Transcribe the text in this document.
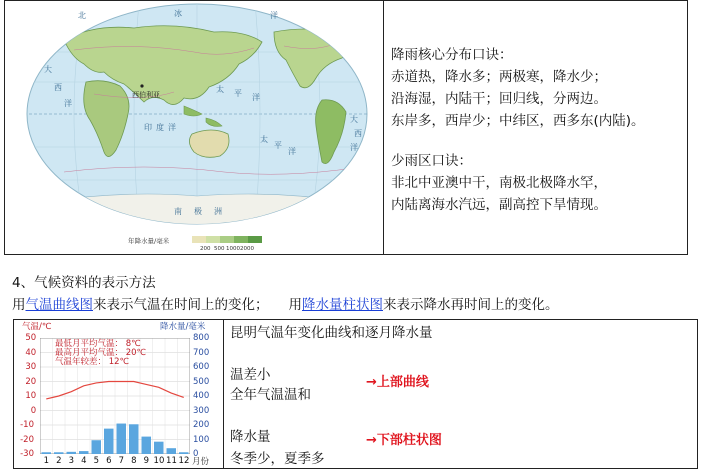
北	冰	洋
大
西
洋
太 平 洋
印 度 洋
太
平
洋
大
西
洋
南 极 洲
西伯利亚
年降水量/毫米
200 500 1000 2000
降雨核心分布口诀：
赤道热，降水多；两极寒，降水少；
沿海湿，内陆干；回归线，分两边。
东岸多，西岸少；中纬区，西多东(内陆)。
少雨区口诀：
非北中亚澳中干，南极北极降水罕，
内陆离海水汽远，副高控下旱情现。
4、气候资料的表示方法
用气温曲线图来表示气温在时间上的变化； 用降水量柱状图来表示降水再时间上的变化。
气温/℃	降水量/毫米
50
40
30
20
10
0
-10
-20
-30
800
700
600
500
400
300
200
100
0
1 2 3 4 5 6 7 8 9 10 11 12 月份
最低月平均气温： 8℃
最高月平均气温： 20℃
气温年较差： 12℃
昆明气温年变化曲线和逐月降水量
温差小
全年气温温和
→上部曲线
降水量
冬季少，夏季多
→下部柱状图
